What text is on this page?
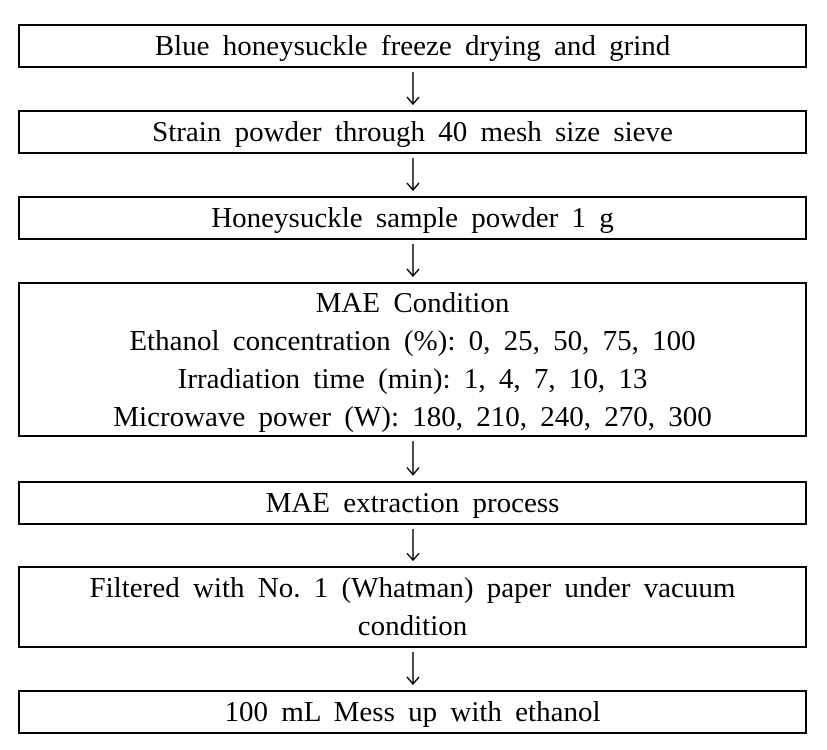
Blue honeysuckle freeze drying and grind
Strain powder through 40 mesh size sieve
Honeysuckle sample powder 1 g
MAE Condition
Ethanol concentration (%): 0, 25, 50, 75, 100
Irradiation time (min): 1, 4, 7, 10, 13
Microwave power (W): 180, 210, 240, 270, 300
MAE extraction process
Filtered with No. 1 (Whatman) paper under vacuum condition
100 mL Mess up with ethanol
